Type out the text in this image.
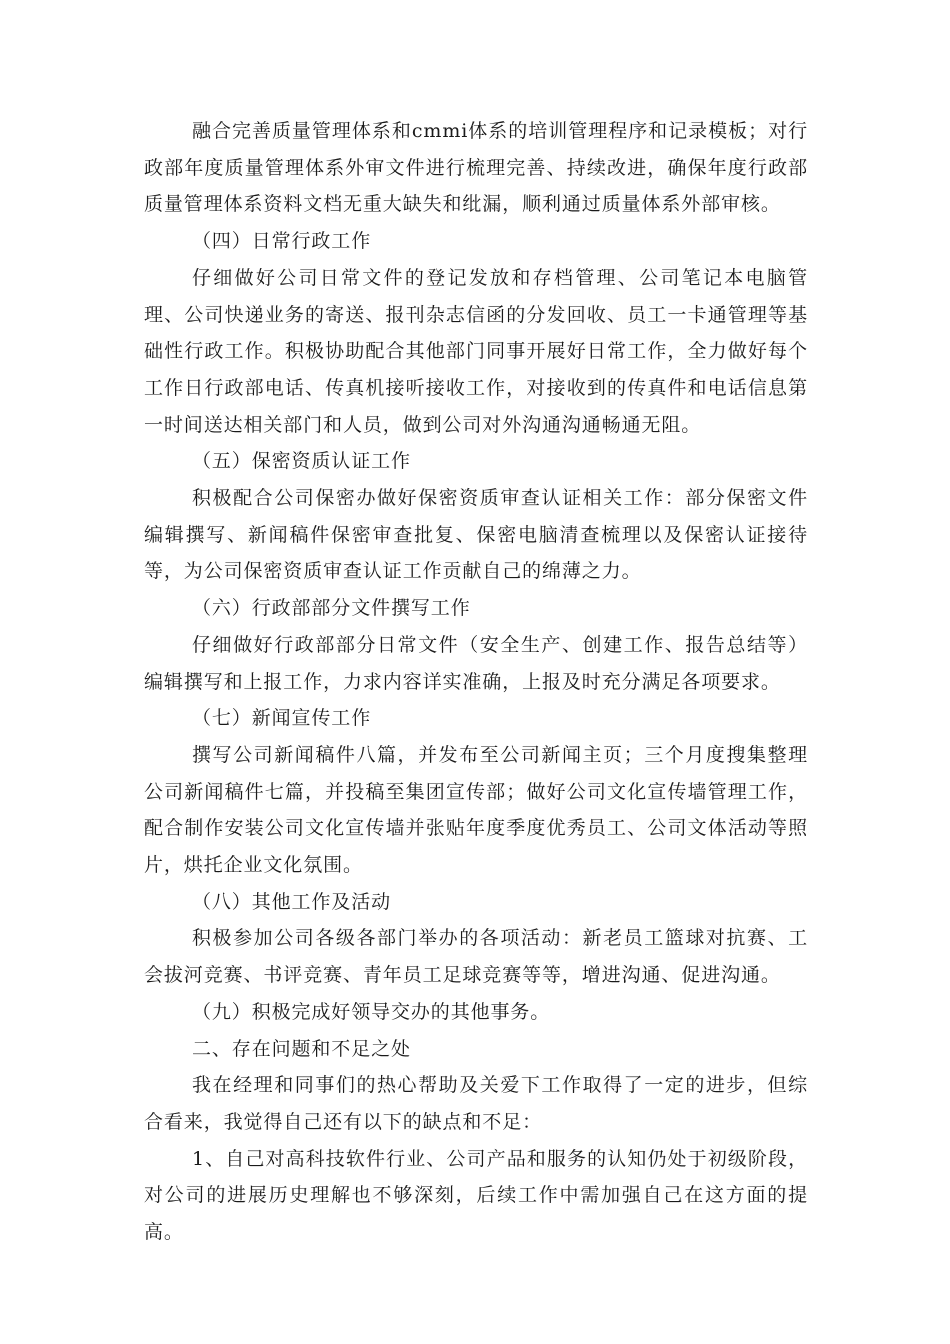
融合完善质量管理体系和cmmi体系的培训管理程序和记录模板；对行政部年度质量管理体系外审文件进行梳理完善、持续改进，确保年度行政部质量管理体系资料文档无重大缺失和纰漏，顺利通过质量体系外部审核。

（四）日常行政工作

仔细做好公司日常文件的登记发放和存档管理、公司笔记本电脑管理、公司快递业务的寄送、报刊杂志信函的分发回收、员工一卡通管理等基础性行政工作。积极协助配合其他部门同事开展好日常工作，全力做好每个工作日行政部电话、传真机接听接收工作，对接收到的传真件和电话信息第一时间送达相关部门和人员，做到公司对外沟通沟通畅通无阻。

（五）保密资质认证工作

积极配合公司保密办做好保密资质审查认证相关工作：部分保密文件编辑撰写、新闻稿件保密审查批复、保密电脑清查梳理以及保密认证接待等，为公司保密资质审查认证工作贡献自己的绵薄之力。

（六）行政部部分文件撰写工作

仔细做好行政部部分日常文件（安全生产、创建工作、报告总结等）编辑撰写和上报工作，力求内容详实准确，上报及时充分满足各项要求。

（七）新闻宣传工作

撰写公司新闻稿件八篇，并发布至公司新闻主页；三个月度搜集整理公司新闻稿件七篇，并投稿至集团宣传部；做好公司文化宣传墙管理工作，配合制作安装公司文化宣传墙并张贴年度季度优秀员工、公司文体活动等照片，烘托企业文化氛围。

（八）其他工作及活动

积极参加公司各级各部门举办的各项活动：新老员工篮球对抗赛、工会拔河竞赛、书评竞赛、青年员工足球竞赛等等，增进沟通、促进沟通。

（九）积极完成好领导交办的其他事务。

二、存在问题和不足之处

我在经理和同事们的热心帮助及关爱下工作取得了一定的进步，但综合看来，我觉得自己还有以下的缺点和不足：

1、自己对高科技软件行业、公司产品和服务的认知仍处于初级阶段，对公司的进展历史理解也不够深刻，后续工作中需加强自己在这方面的提高。
